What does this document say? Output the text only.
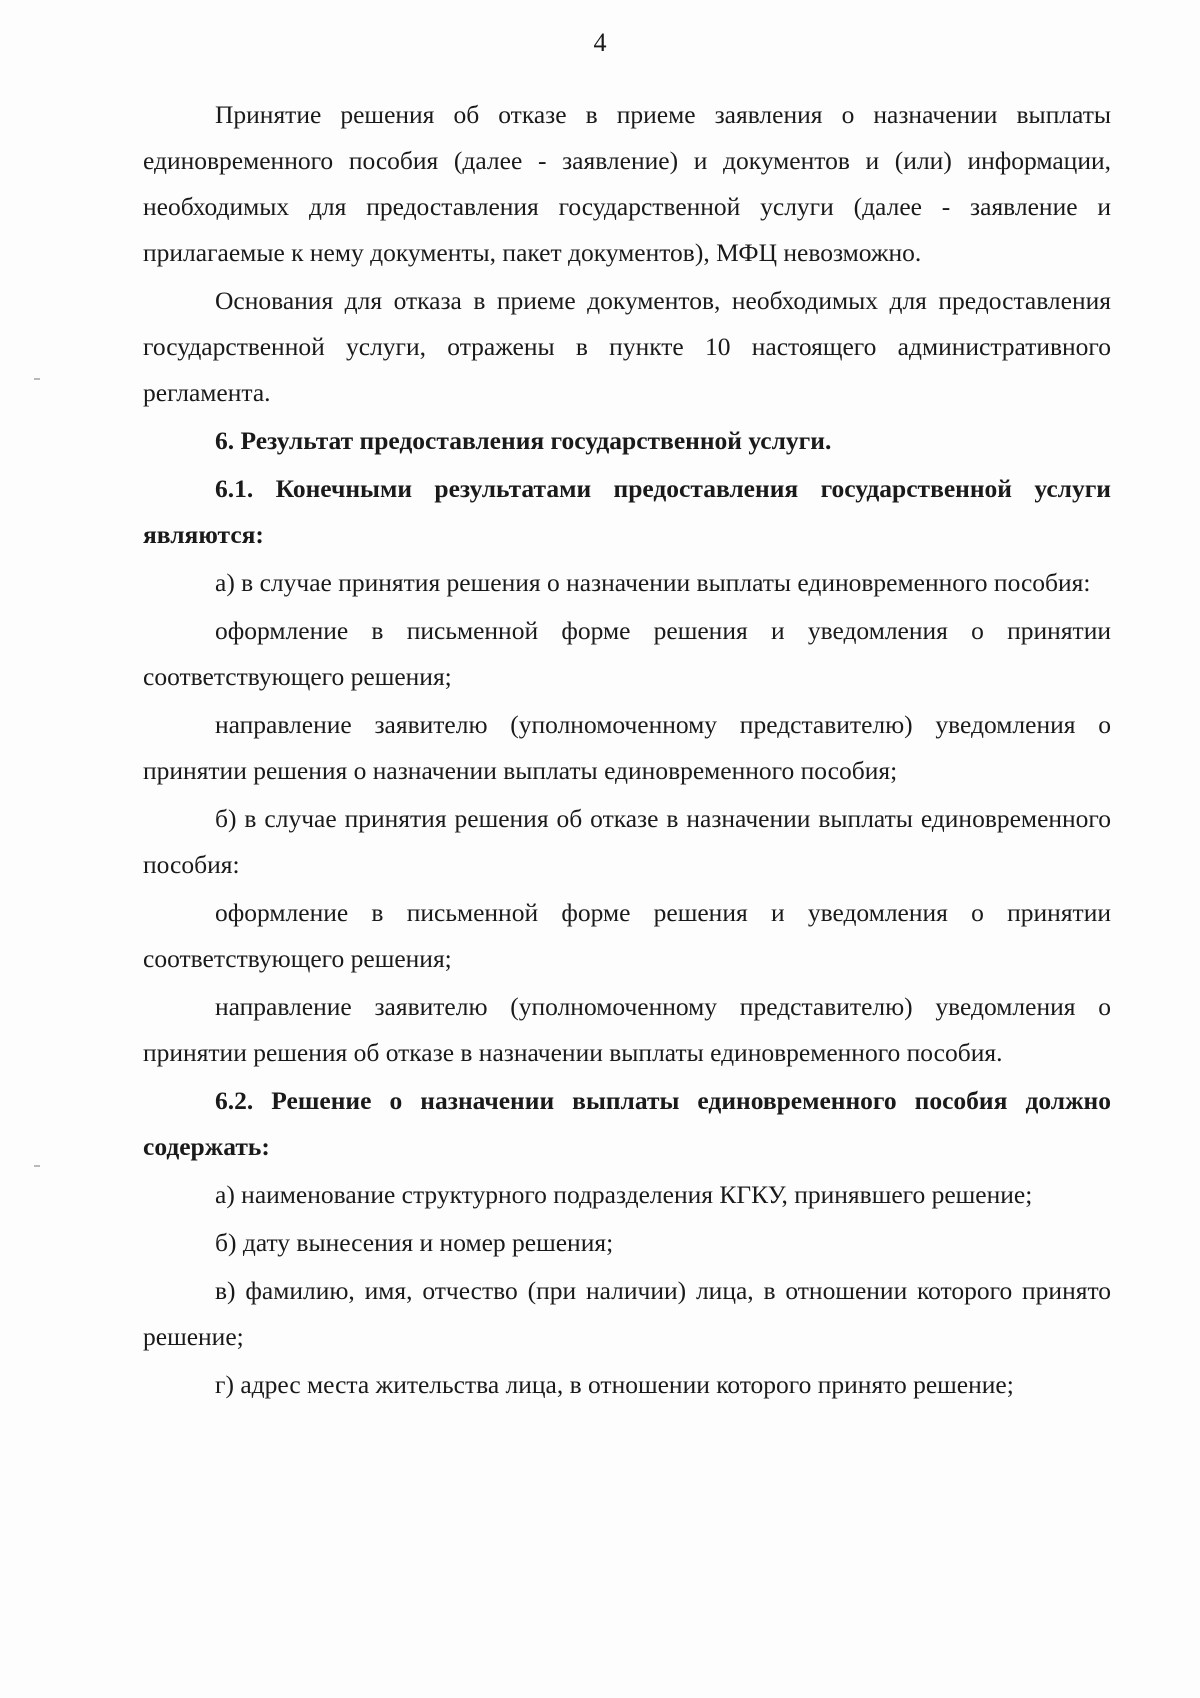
4

Принятие решения об отказе в приеме заявления о назначении выплаты единовременного пособия (далее - заявление) и документов и (или) информации, необходимых для предоставления государственной услуги (далее - заявление и прилагаемые к нему документы, пакет документов), МФЦ невозможно.

Основания для отказа в приеме документов, необходимых для предоставления государственной услуги, отражены в пункте 10 настоящего административного регламента.

6. Результат предоставления государственной услуги.

6.1. Конечными результатами предоставления государственной услуги являются:

а) в случае принятия решения о назначении выплаты единовременного пособия:

оформление в письменной форме решения и уведомления о принятии соответствующего решения;

направление заявителю (уполномоченному представителю) уведомления о принятии решения о назначении выплаты единовременного пособия;

б) в случае принятия решения об отказе в назначении выплаты единовременного пособия:

оформление в письменной форме решения и уведомления о принятии соответствующего решения;

направление заявителю (уполномоченному представителю) уведомления о принятии решения об отказе в назначении выплаты единовременного пособия.

6.2. Решение о назначении выплаты единовременного пособия должно содержать:

а) наименование структурного подразделения КГКУ, принявшего решение;

б) дату вынесения и номер решения;

в) фамилию, имя, отчество (при наличии) лица, в отношении которого принято решение;

г) адрес места жительства лица, в отношении которого принято решение;
